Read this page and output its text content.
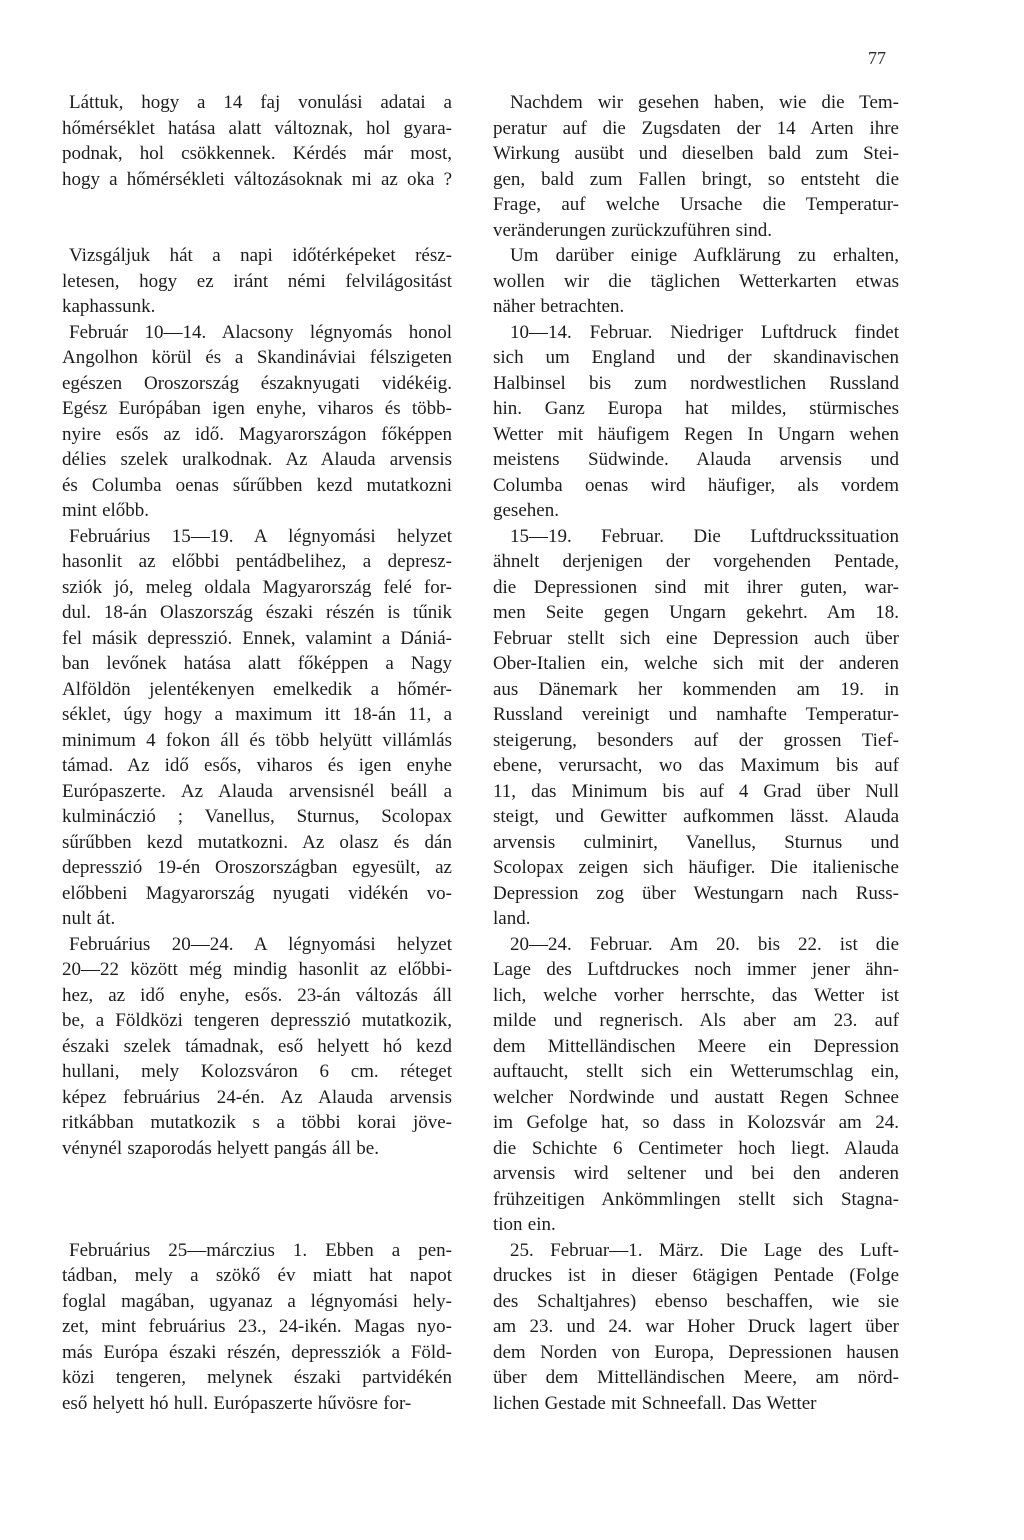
77
Láttuk, hogy a 14 faj vonulási adatai a
hőmérséklet hatása alatt változnak, hol gyara-
podnak, hol csökkennek. Kérdés már most,
hogy a hőmérsékleti változásoknak mi az oka ?
Vizsgáljuk hát a napi időtérképeket rész-
letesen, hogy ez iránt némi felvilágositást
kaphassunk.
Február 10—14. Alacsony légnyomás honol
Angolhon körül és a Skandináviai félszigeten
egészen Oroszország északnyugati vidékéig.
Egész Európában igen enyhe, viharos és több-
nyire esős az idő. Magyarországon főképpen
délies szelek uralkodnak. Az Alauda arvensis
és Columba oenas sűrűbben kezd mutatkozni
mint előbb.
Februárius 15—19. A légnyomási helyzet
hasonlit az előbbi pentádbelihez, a depresz-
sziók jó, meleg oldala Magyarország felé for-
dul. 18-án Olaszország északi részén is tűnik
fel másik depresszió. Ennek, valamint a Dániá-
ban levőnek hatása alatt főképpen a Nagy
Alföldön jelentékenyen emelkedik a hőmér-
séklet, úgy hogy a maximum itt 18-án 11, a
minimum 4 fokon áll és több helyütt villámlás
támad. Az idő esős, viharos és igen enyhe
Európaszerte. Az Alauda arvensisnél beáll a
kulmináczió ; Vanellus, Sturnus, Scolopax
sűrűbben kezd mutatkozni. Az olasz és dán
depresszió 19-én Oroszországban egyesült, az
előbbeni Magyarország nyugati vidékén vo-
nult át.
Februárius 20—24. A légnyomási helyzet
20—22 között még mindig hasonlit az előbbi-
hez, az idő enyhe, esős. 23-án változás áll
be, a Földközi tengeren depresszió mutatkozik,
északi szelek támadnak, eső helyett hó kezd
hullani, mely Kolozsváron 6 cm. réteget
képez februárius 24-én. Az Alauda arvensis
ritkábban mutatkozik s a többi korai jöve-
vénynél szaporodás helyett pangás áll be.
Februárius 25—márczius 1. Ebben a pen-
tádban, mely a szökő év miatt hat napot
foglal magában, ugyanaz a légnyomási hely-
zet, mint februárius 23., 24-ikén. Magas nyo-
más Európa északi részén, depressziók a Föld-
közi tengeren, melynek északi partvidékén
eső helyett hó hull. Európaszerte hűvösre for-
Nachdem wir gesehen haben, wie die Tem-
peratur auf die Zugsdaten der 14 Arten ihre
Wirkung ausübt und dieselben bald zum Stei-
gen, bald zum Fallen bringt, so entsteht die
Frage, auf welche Ursache die Temperatur-
veränderungen zurückzuführen sind.
Um darüber einige Aufklärung zu erhalten,
wollen wir die täglichen Wetterkarten etwas
näher betrachten.
10—14. Februar. Niedriger Luftdruck findet
sich um England und der skandinavischen
Halbinsel bis zum nordwestlichen Russland
hin. Ganz Europa hat mildes, stürmisches
Wetter mit häufigem Regen In Ungarn wehen
meistens Südwinde. Alauda arvensis und
Columba oenas wird häufiger, als vordem
gesehen.
15—19. Februar. Die Luftdruckssituation
ähnelt derjenigen der vorgehenden Pentade,
die Depressionen sind mit ihrer guten, war-
men Seite gegen Ungarn gekehrt. Am 18.
Februar stellt sich eine Depression auch über
Ober-Italien ein, welche sich mit der anderen
aus Dänemark her kommenden am 19. in
Russland vereinigt und namhafte Temperatur-
steigerung, besonders auf der grossen Tief-
ebene, verursacht, wo das Maximum bis auf
11, das Minimum bis auf 4 Grad über Null
steigt, und Gewitter aufkommen lässt. Alauda
arvensis culminirt, Vanellus, Sturnus und
Scolopax zeigen sich häufiger. Die italienische
Depression zog über Westungarn nach Russ-
land.
20—24. Februar. Am 20. bis 22. ist die
Lage des Luftdruckes noch immer jener ähn-
lich, welche vorher herrschte, das Wetter ist
milde und regnerisch. Als aber am 23. auf
dem Mittelländischen Meere ein Depression
auftaucht, stellt sich ein Wetterumschlag ein,
welcher Nordwinde und austatt Regen Schnee
im Gefolge hat, so dass in Kolozsvár am 24.
die Schichte 6 Centimeter hoch liegt. Alauda
arvensis wird seltener und bei den anderen
frühzeitigen Ankömmlingen stellt sich Stagna-
tion ein.
25. Februar—1. März. Die Lage des Luft-
druckes ist in dieser 6tägigen Pentade (Folge
des Schaltjahres) ebenso beschaffen, wie sie
am 23. und 24. war Hoher Druck lagert über
dem Norden von Europa, Depressionen hausen
über dem Mittelländischen Meere, am nörd-
lichen Gestade mit Schneefall. Das Wetter
